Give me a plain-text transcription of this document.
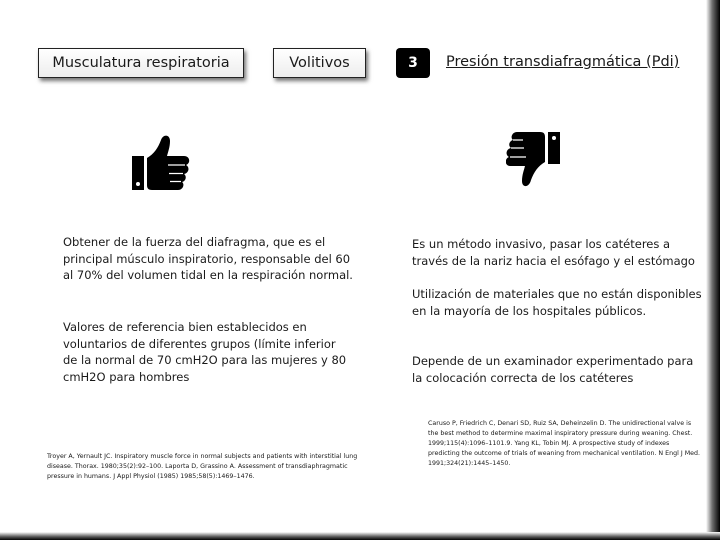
Musculatura respiratoria	Volitivos	3	Presión transdiafragmática (Pdi)

Obtener de la fuerza del diafragma, que es el principal músculo inspiratorio, responsable del 60 al 70% del volumen tidal en la respiración normal.

Valores de referencia bien establecidos en voluntarios de diferentes grupos (límite inferior de la normal de 70 cmH2O para las mujeres y 80 cmH2O para hombres

Es un método invasivo, pasar los catéteres a través de la nariz hacia el esófago y el estómago

Utilización de materiales que no están disponibles en la mayoría de los hospitales públicos.

Depende de un examinador experimentado para la colocación correcta de los catéteres

Troyer A, Yernault JC. Inspiratory muscle force in normal subjects and patients with interstitial lung disease. Thorax. 1980;35(2):92–100. Laporta D, Grassino A. Assessment of transdiaphragmatic pressure in humans. J Appl Physiol (1985) 1985;58(5):1469–1476.

Caruso P, Friedrich C, Denari SD, Ruiz SA, Deheinzelin D. The unidirectional valve is the best method to determine maximal inspiratory pressure during weaning. Chest. 1999;115(4):1096–1101.9. Yang KL, Tobin MJ. A prospective study of indexes predicting the outcome of trials of weaning from mechanical ventilation. N Engl J Med. 1991;324(21):1445–1450.
